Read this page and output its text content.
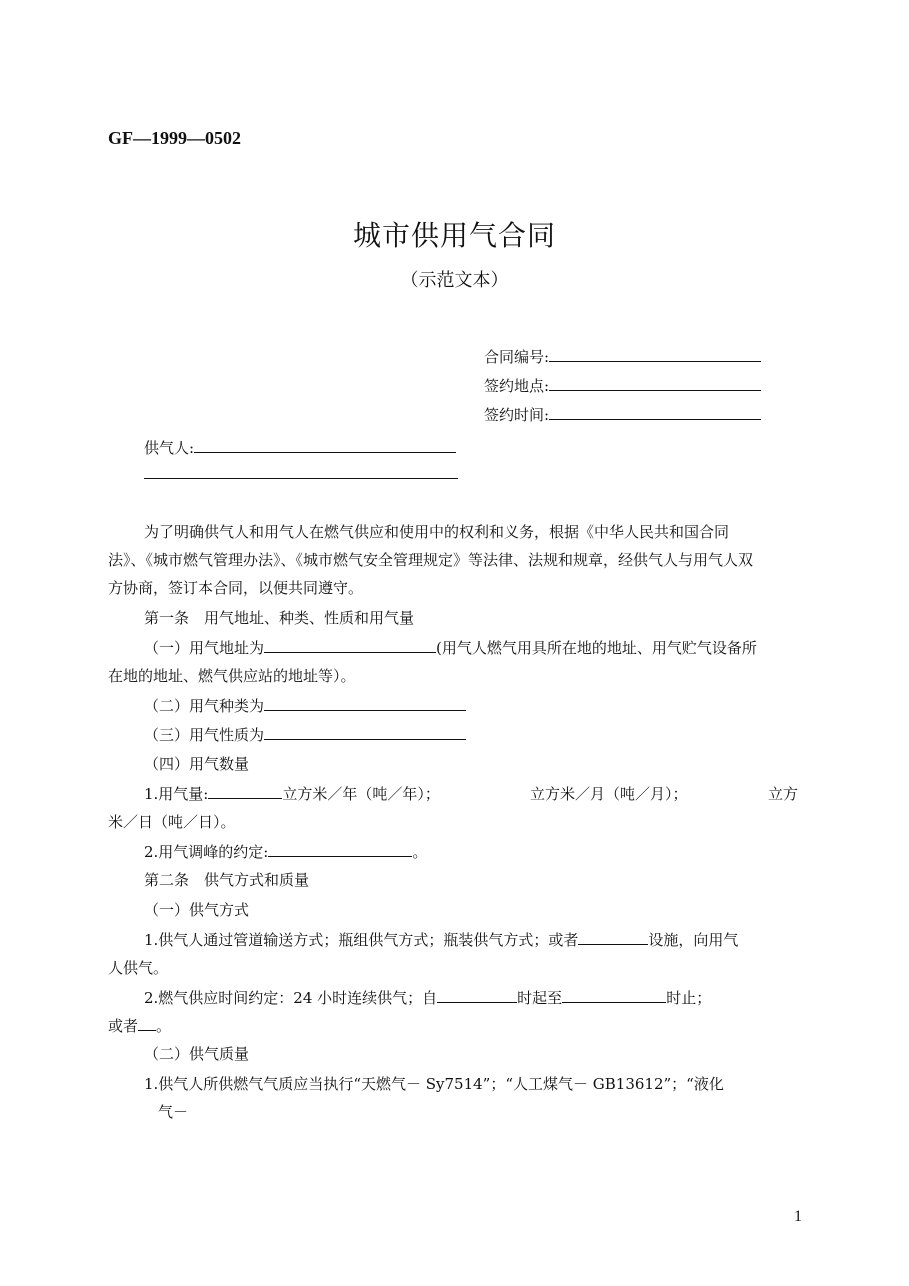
GF—1999—0502
城市供用气合同
（示范文本）
合同编号:
签约地点:
签约时间:
供气人:
为了明确供气人和用气人在燃气供应和使用中的权利和义务，根据《中华人民共和国合同
法》、《城市燃气管理办法》、《城市燃气安全管理规定》等法律、法规和规章，经供气人与用气人双
方协商，签订本合同，以便共同遵守。
第一条　用气地址、种类、性质和用气量
（一）用气地址为	(用气人燃气用具所在地的地址、用气贮气设备所
在地的地址、燃气供应站的地址等）。
（二）用气种类为
（三）用气性质为
（四）用气数量
1.用气量:	立方米／年（吨／年）；	立方米／月（吨／月）；	立方
米／日（吨／日）。
2.用气调峰的约定:	。
第二条　供气方式和质量
（一）供气方式
1.供气人通过管道输送方式；瓶组供气方式；瓶装供气方式；或者	设施，向用气
人供气。
2.燃气供应时间约定：24 小时连续供气；自	时起至	时止；
或者 。
（二）供气质量
1.供气人所供燃气气质应当执行“天燃气－ Sy7514”；“人工煤气－ GB13612”；“液化
气－
1
